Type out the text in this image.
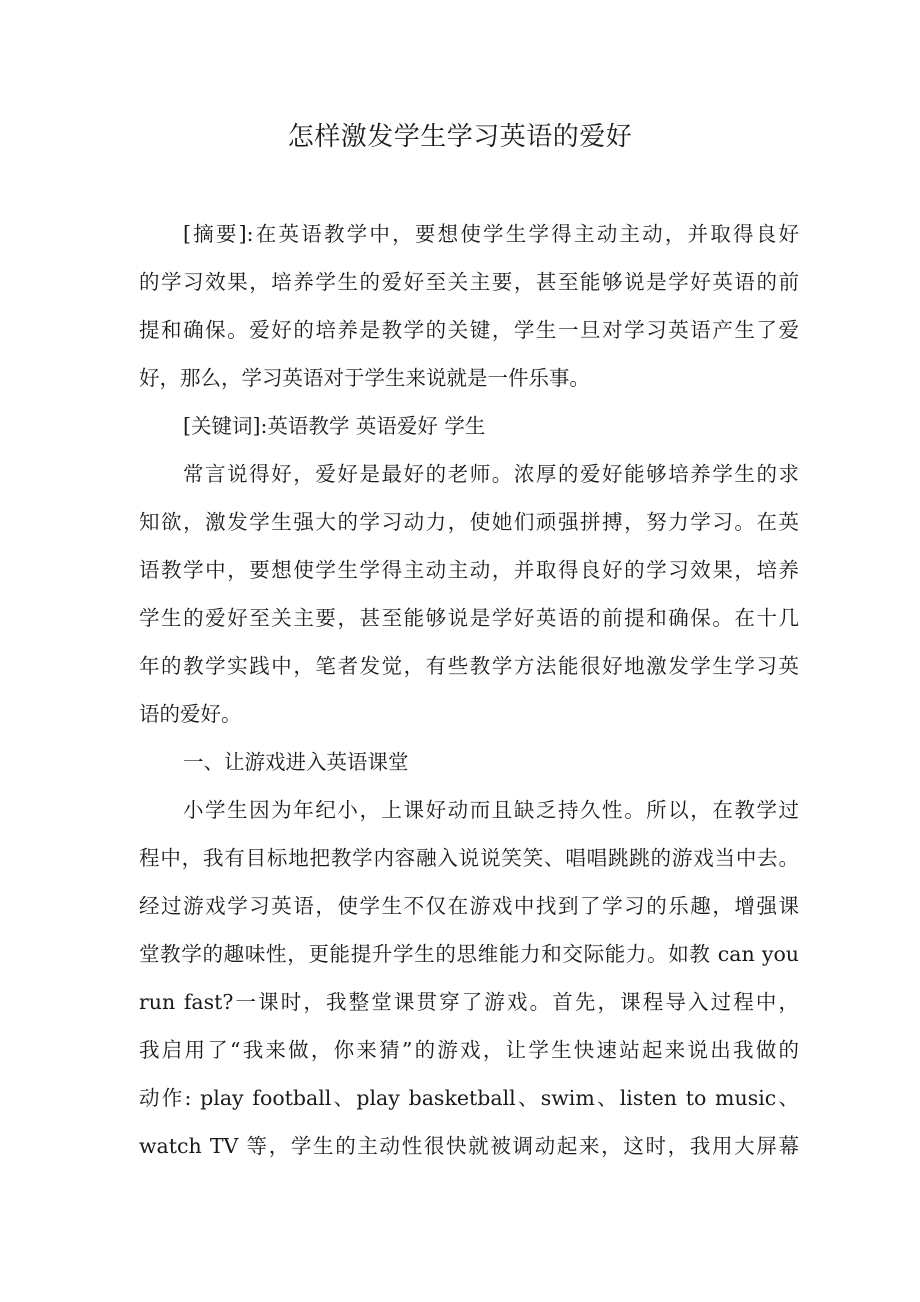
怎样激发学生学习英语的爱好
[摘要]:在英语教学中，要想使学生学得主动主动，并取得良好
的学习效果，培养学生的爱好至关主要，甚至能够说是学好英语的前
提和确保。爱好的培养是教学的关键，学生一旦对学习英语产生了爱
好，那么，学习英语对于学生来说就是一件乐事。
[关键词]:英语教学 英语爱好 学生
常言说得好，爱好是最好的老师。浓厚的爱好能够培养学生的求
知欲，激发学生强大的学习动力，使她们顽强拼搏，努力学习。在英
语教学中，要想使学生学得主动主动，并取得良好的学习效果，培养
学生的爱好至关主要，甚至能够说是学好英语的前提和确保。在十几
年的教学实践中，笔者发觉，有些教学方法能很好地激发学生学习英
语的爱好。
一、让游戏进入英语课堂
小学生因为年纪小，上课好动而且缺乏持久性。所以，在教学过
程中，我有目标地把教学内容融入说说笑笑、唱唱跳跳的游戏当中去。
经过游戏学习英语，使学生不仅在游戏中找到了学习的乐趣，增强课
堂教学的趣味性，更能提升学生的思维能力和交际能力。如教 can you
run fast?一课时，我整堂课贯穿了游戏。首先，课程导入过程中，
我启用了“我来做，你来猜”的游戏，让学生快速站起来说出我做的
动作: play football、play basketball、swim、listen to music、
watch TV 等，学生的主动性很快就被调动起来，这时，我用大屏幕
